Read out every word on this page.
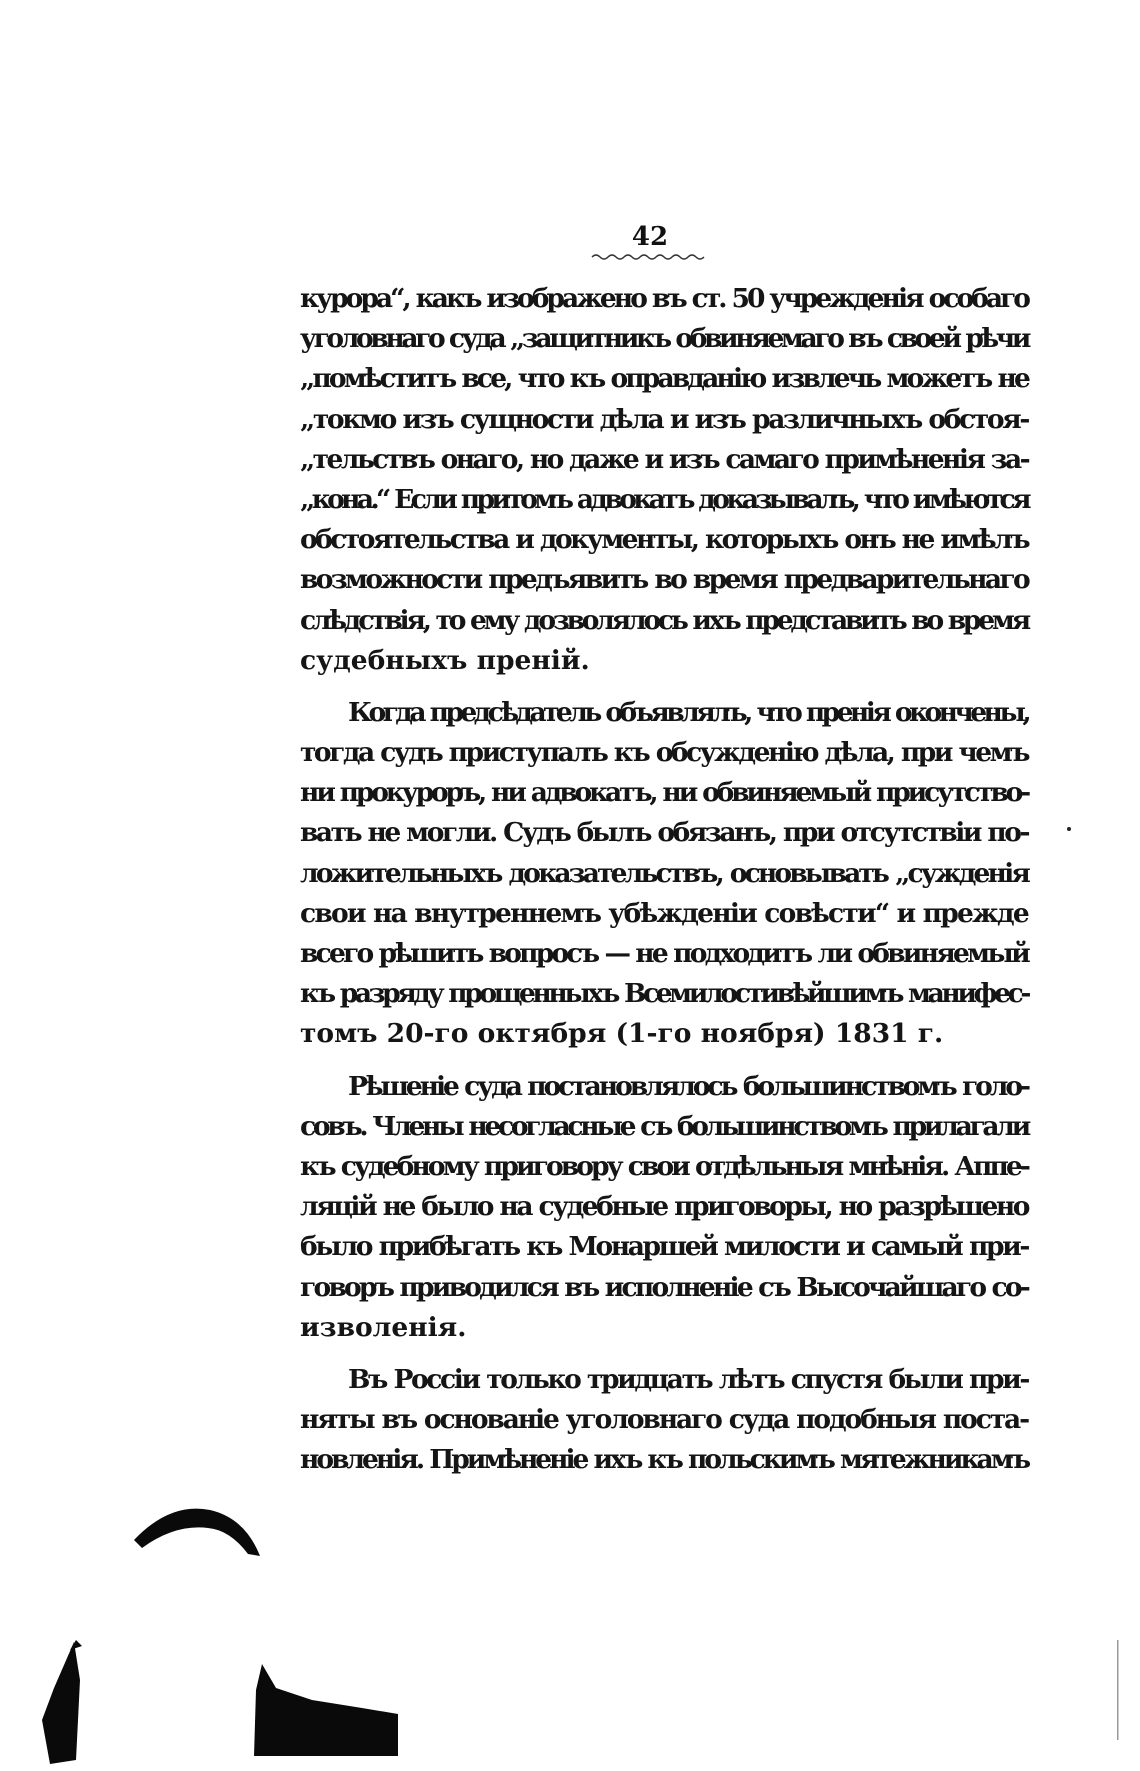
42
курора“, какъ изображено въ ст. 50 учрежденія особаго
уголовнаго суда „защитникъ обвиняемаго въ своей рѣчи
„помѣститъ все, что къ оправданію извлечь можетъ не
„токмо изъ сущности дѣла и изъ различныхъ обстоя-
„тельствъ онаго, но даже и изъ самаго примѣненія за-
„кона.“ Если притомъ адвокатъ доказывалъ, что имѣются
обстоятельства и документы, которыхъ онъ не имѣлъ
возможности предъявить во время предварительнаго
слѣдствія, то ему дозволялось ихъ представить во время
судебныхъ преній.
Когда предсѣдатель объявлялъ, что пренія окончены,
тогда судъ приступалъ къ обсужденію дѣла, при чемъ
ни прокуроръ, ни адвокатъ, ни обвиняемый присутство-
вать не могли. Судъ былъ обязанъ, при отсутствіи по-
ложительныхъ доказательствъ, основывать „сужденія
свои на внутреннемъ убѣжденіи совѣсти“ и прежде
всего рѣшить вопросъ — не подходитъ ли обвиняемый
къ разряду прощенныхъ Всемилостивѣйшимъ манифес-
томъ 20-го октября (1-го ноября) 1831 г.
Рѣшеніе суда постановлялось большинствомъ голо-
совъ. Члены несогласные съ большинствомъ прилагали
къ судебному приговору свои отдѣльныя мнѣнія. Аппе-
ляцій не было на судебные приговоры, но разрѣшено
было прибѣгать къ Монаршей милости и самый при-
говоръ приводился въ исполненіе съ Высочайшаго со-
изволенія.
Въ Россіи только тридцать лѣтъ спустя были при-
няты въ основаніе уголовнаго суда подобныя поста-
новленія. Примѣненіе ихъ къ польскимъ мятежникамъ
